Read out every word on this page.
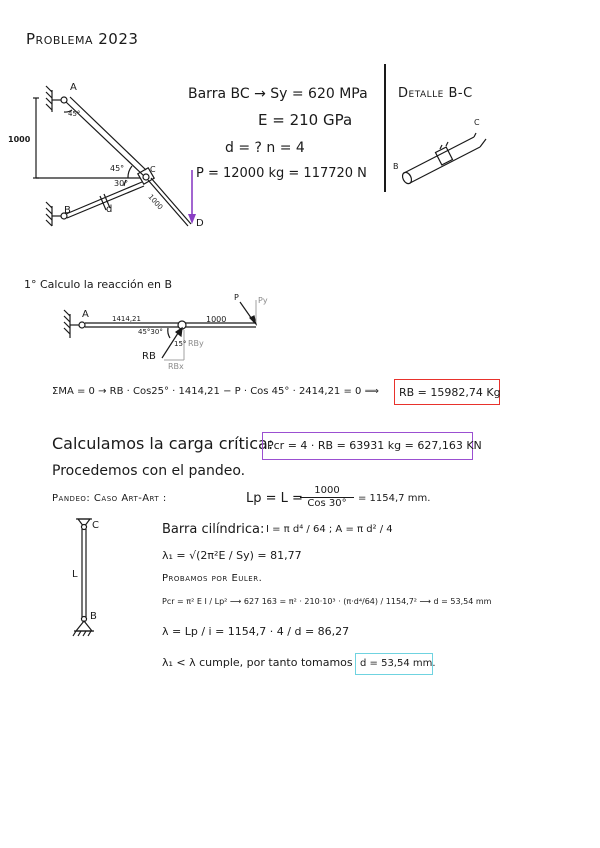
Problema 2023
A
45°
1000
45°
30°
C
B	d	1000
D
Barra BC → Sy = 620 MPa
E = 210 GPa
d = ? n = 4
P = 12000 kg = 117720 N
Detalle B-C
C
B
1° Calculo la reacción en B
A	1414,21	1000
45°30°
15°
P Py
RB
RBy
RBx
ΣMA = 0 → RB · Cos25° · 1414,21 − P · Cos 45° · 2414,21 = 0 ⟹ RB = 15982,74 Kg
Calculamos la carga crítica:
Pcr = 4 · RB = 63931 kg = 627,163 KN
Procedemos con el pandeo.
Pandeo: Caso Art-Art :	Lp = L =
1000
Cos 30°	= 1154,7 mm.
C
L
B
Barra cilíndrica: I = π d⁴ / 64 ; A = π d² / 4
λ₁ = √(2π²E / Sy) = 81,77
Probamos por Euler.
Pcr = π² E I / Lp² ⟶ 627 163 = π² · 210·10³ · (π·d⁴/64) / 1154,7² ⟶ d = 53,54 mm
λ = Lp / i = 1154,7 · 4 / d = 86,27
λ₁ < λ cumple, por tanto tomamos d = 53,54 mm.
